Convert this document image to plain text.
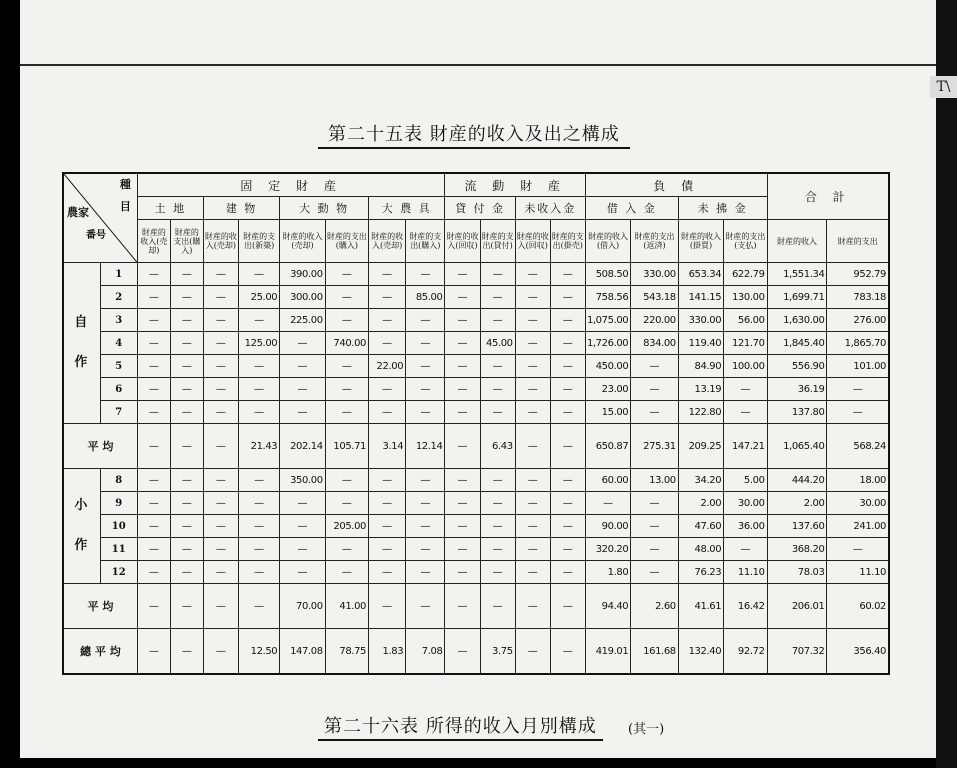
T\
第二十五表 財産的收入及出之構成
種
目
農家
番号		固 定 財 産								流 動 財 産				負 債				合 計	
		土 地		建 物		大 動 物		大 農 具		貸 付 金		未收入金		借 入 金		未 拂 金			
		財産的收入(売却)	財産的支出(購入)	財産的收入(売却)	財産的支出(新築)	財産的收入(売却)	財産的支出(購入)	財産的收入(売却)	財産的支出(購入)	財産的收入(回収)	財産的支出(貸付)	財産的收入(回収)	財産的支出(掛売)	財産的收入(借入)	財産的支出(返済)	財産的收入(掛買)	財産的支出(支払)	財産的收入	財産的支出
自 作	1	—	—	—	—	390.00	—	—	—	—	—	—	—	508.50	330.00	653.34	622.79	1,551.34	952.79
	2	—	—	—	25.00	300.00	—	—	85.00	—	—	—	—	758.56	543.18	141.15	130.00	1,699.71	783.18
	3	—	—	—	—	225.00	—	—	—	—	—	—	—	1,075.00	220.00	330.00	56.00	1,630.00	276.00
	4	—	—	—	125.00	—	740.00	—	—	—	45.00	—	—	1,726.00	834.00	119.40	121.70	1,845.40	1,865.70
	5	—	—	—	—	—	—	22.00	—	—	—	—	—	450.00	—	84.90	100.00	556.90	101.00
	6	—	—	—	—	—	—	—	—	—	—	—	—	23.00	—	13.19	—	36.19	—
	7	—	—	—	—	—	—	—	—	—	—	—	—	15.00	—	122.80	—	137.80	—
平 均		—	—	—	21.43	202.14	105.71	3.14	12.14	—	6.43	—	—	650.87	275.31	209.25	147.21	1,065.40	568.24
小 作	8	—	—	—	—	350.00	—	—	—	—	—	—	—	60.00	13.00	34.20	5.00	444.20	18.00
	9	—	—	—	—	—	—	—	—	—	—	—	—	—	—	2.00	30.00	2.00	30.00
	10	—	—	—	—	—	205.00	—	—	—	—	—	—	90.00	—	47.60	36.00	137.60	241.00
	11	—	—	—	—	—	—	—	—	—	—	—	—	320.20	—	48.00	—	368.20	—
	12	—	—	—	—	—	—	—	—	—	—	—	—	1.80	—	76.23	11.10	78.03	11.10
平 均		—	—	—	—	70.00	41.00	—	—	—	—	—	—	94.40	2.60	41.61	16.42	206.01	60.02
總 平 均		—	—	—	12.50	147.08	78.75	1.83	7.08	—	3.75	—	—	419.01	161.68	132.40	92.72	707.32	356.40
第二十六表 所得的收入月別構成	(其一)
